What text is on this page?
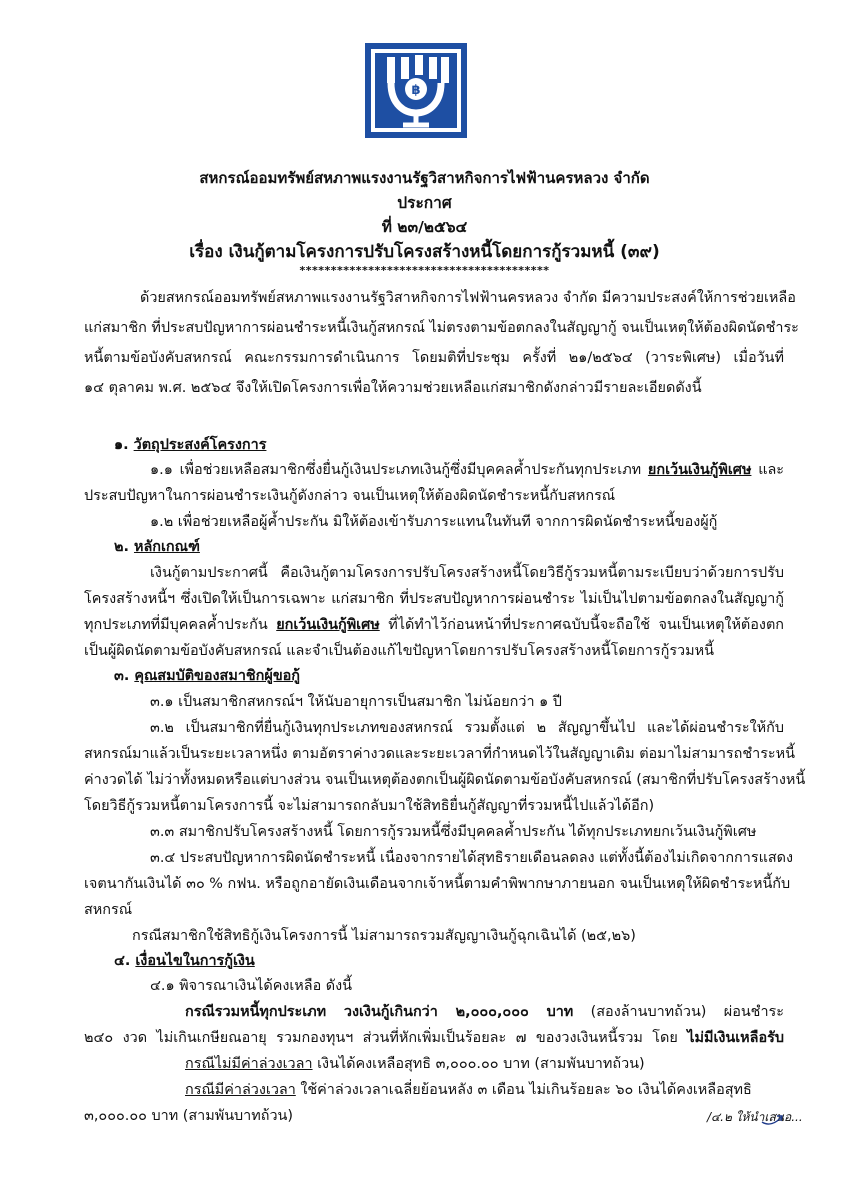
฿
สหกรณ์ออมทรัพย์สหภาพแรงงานรัฐวิสาหกิจการไฟฟ้านครหลวง จำกัด
ประกาศ
ที่ ๒๓/๒๕๖๔
เรื่อง เงินกู้ตามโครงการปรับโครงสร้างหนี้โดยการกู้รวมหนี้ (๓๙)
****************************************
ด้วยสหกรณ์ออมทรัพย์สหภาพแรงงานรัฐวิสาหกิจการไฟฟ้านครหลวง จำกัด มีความประสงค์ให้การช่วยเหลือ
แก่สมาชิก ที่ประสบปัญหาการผ่อนชำระหนี้เงินกู้สหกรณ์ ไม่ตรงตามข้อตกลงในสัญญากู้ จนเป็นเหตุให้ต้องผิดนัดชำระ
หนี้ตามข้อบังคับสหกรณ์ คณะกรรมการดำเนินการ โดยมติที่ประชุม ครั้งที่ ๒๑/๒๕๖๔ (วาระพิเศษ) เมื่อวันที่
๑๔ ตุลาคม พ.ศ. ๒๕๖๔ จึงให้เปิดโครงการเพื่อให้ความช่วยเหลือแก่สมาชิกดังกล่าวมีรายละเอียดดังนี้
๑. วัตถุประสงค์โครงการ
๑.๑ เพื่อช่วยเหลือสมาชิกซึ่งยื่นกู้เงินประเภทเงินกู้ซึ่งมีบุคคลค้ำประกันทุกประเภท ยกเว้นเงินกู้พิเศษ และ
ประสบปัญหาในการผ่อนชำระเงินกู้ดังกล่าว จนเป็นเหตุให้ต้องผิดนัดชำระหนี้กับสหกรณ์
๑.๒ เพื่อช่วยเหลือผู้ค้ำประกัน มิให้ต้องเข้ารับภาระแทนในทันที จากการผิดนัดชำระหนี้ของผู้กู้
๒. หลักเกณฑ์
เงินกู้ตามประกาศนี้ คือเงินกู้ตามโครงการปรับโครงสร้างหนี้โดยวิธีกู้รวมหนี้ตามระเบียบว่าด้วยการปรับ
โครงสร้างหนี้ฯ ซึ่งเปิดให้เป็นการเฉพาะ แก่สมาชิก ที่ประสบปัญหาการผ่อนชำระ ไม่เป็นไปตามข้อตกลงในสัญญากู้
ทุกประเภทที่มีบุคคลค้ำประกัน ยกเว้นเงินกู้พิเศษ ที่ได้ทำไว้ก่อนหน้าที่ประกาศฉบับนี้จะถือใช้ จนเป็นเหตุให้ต้องตก
เป็นผู้ผิดนัดตามข้อบังคับสหกรณ์ และจำเป็นต้องแก้ไขปัญหาโดยการปรับโครงสร้างหนี้โดยการกู้รวมหนี้
๓. คุณสมบัติของสมาชิกผู้ขอกู้
๓.๑ เป็นสมาชิกสหกรณ์ฯ ให้นับอายุการเป็นสมาชิก ไม่น้อยกว่า ๑ ปี
๓.๒ เป็นสมาชิกที่ยื่นกู้เงินทุกประเภทของสหกรณ์ รวมตั้งแต่ ๒ สัญญาขึ้นไป และได้ผ่อนชำระให้กับ
สหกรณ์มาแล้วเป็นระยะเวลาหนึ่ง ตามอัตราค่างวดและระยะเวลาที่กำหนดไว้ในสัญญาเดิม ต่อมาไม่สามารถชำระหนี้
ค่างวดได้ ไม่ว่าทั้งหมดหรือแต่บางส่วน จนเป็นเหตุต้องตกเป็นผู้ผิดนัดตามข้อบังคับสหกรณ์ (สมาชิกที่ปรับโครงสร้างหนี้
โดยวิธีกู้รวมหนี้ตามโครงการนี้ จะไม่สามารถกลับมาใช้สิทธิยื่นกู้สัญญาที่รวมหนี้ไปแล้วได้อีก)
๓.๓ สมาชิกปรับโครงสร้างหนี้ โดยการกู้รวมหนี้ซึ่งมีบุคคลค้ำประกัน ได้ทุกประเภทยกเว้นเงินกู้พิเศษ
๓.๔ ประสบปัญหาการผิดนัดชำระหนี้ เนื่องจากรายได้สุทธิรายเดือนลดลง แต่ทั้งนี้ต้องไม่เกิดจากการแสดง
เจตนากันเงินได้ ๓๐ % กฟน. หรือถูกอายัดเงินเดือนจากเจ้าหนี้ตามคำพิพากษาภายนอก จนเป็นเหตุให้ผิดชำระหนี้กับ
สหกรณ์
กรณีสมาชิกใช้สิทธิกู้เงินโครงการนี้ ไม่สามารถรวมสัญญาเงินกู้ฉุกเฉินได้ (๒๕,๒๖)
๔. เงื่อนไขในการกู้เงิน
๔.๑ พิจารณาเงินได้คงเหลือ ดังนี้
กรณีรวมหนี้ทุกประเภท วงเงินกู้เกินกว่า ๒,๐๐๐,๐๐๐ บาท (สองล้านบาทถ้วน) ผ่อนชำระ
๒๔๐ งวด ไม่เกินเกษียณอายุ รวมกองทุนฯ ส่วนที่หักเพิ่มเป็นร้อยละ ๗ ของวงเงินหนี้รวม โดย ไม่มีเงินเหลือรับ
กรณีไม่มีค่าล่วงเวลา เงินได้คงเหลือสุทธิ ๓,๐๐๐.๐๐ บาท (สามพันบาทถ้วน)
กรณีมีค่าล่วงเวลา ใช้ค่าล่วงเวลาเฉลี่ยย้อนหลัง ๓ เดือน ไม่เกินร้อยละ ๖๐ เงินได้คงเหลือสุทธิ
๓,๐๐๐.๐๐ บาท (สามพันบาทถ้วน)	/๔.๒ ให้นำเสนอ...
